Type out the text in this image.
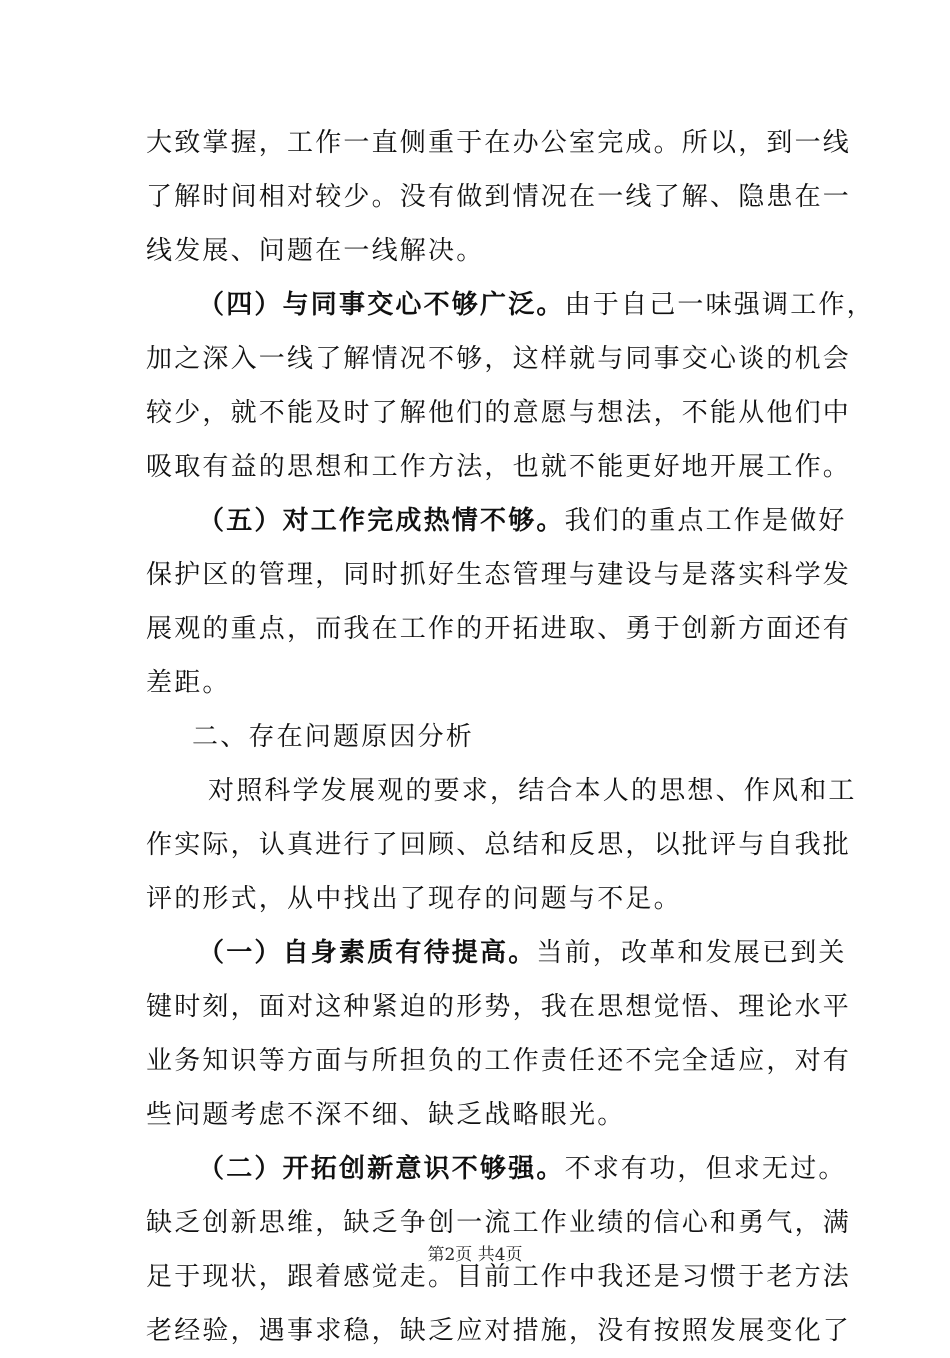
大致掌握，工作一直侧重于在办公室完成。所以，到一线
了解时间相对较少。没有做到情况在一线了解、隐患在一
线发展、问题在一线解决。
（四）与同事交心不够广泛。由于自己一味强调工作，
加之深入一线了解情况不够，这样就与同事交心谈的机会
较少，就不能及时了解他们的意愿与想法，不能从他们中
吸取有益的思想和工作方法，也就不能更好地开展工作。
（五）对工作完成热情不够。我们的重点工作是做好
保护区的管理，同时抓好生态管理与建设与是落实科学发
展观的重点，而我在工作的开拓进取、勇于创新方面还有
差距。
二、存在问题原因分析
对照科学发展观的要求，结合本人的思想、作风和工
作实际，认真进行了回顾、总结和反思，以批评与自我批
评的形式，从中找出了现存的问题与不足。
（一）自身素质有待提高。当前，改革和发展已到关
键时刻，面对这种紧迫的形势，我在思想觉悟、理论水平
业务知识等方面与所担负的工作责任还不完全适应，对有
些问题考虑不深不细、缺乏战略眼光。
（二）开拓创新意识不够强。不求有功，但求无过。
缺乏创新思维，缺乏争创一流工作业绩的信心和勇气，满
足于现状，跟着感觉走。目前工作中我还是习惯于老方法
老经验，遇事求稳，缺乏应对措施，没有按照发展变化了
第2页 共4页
